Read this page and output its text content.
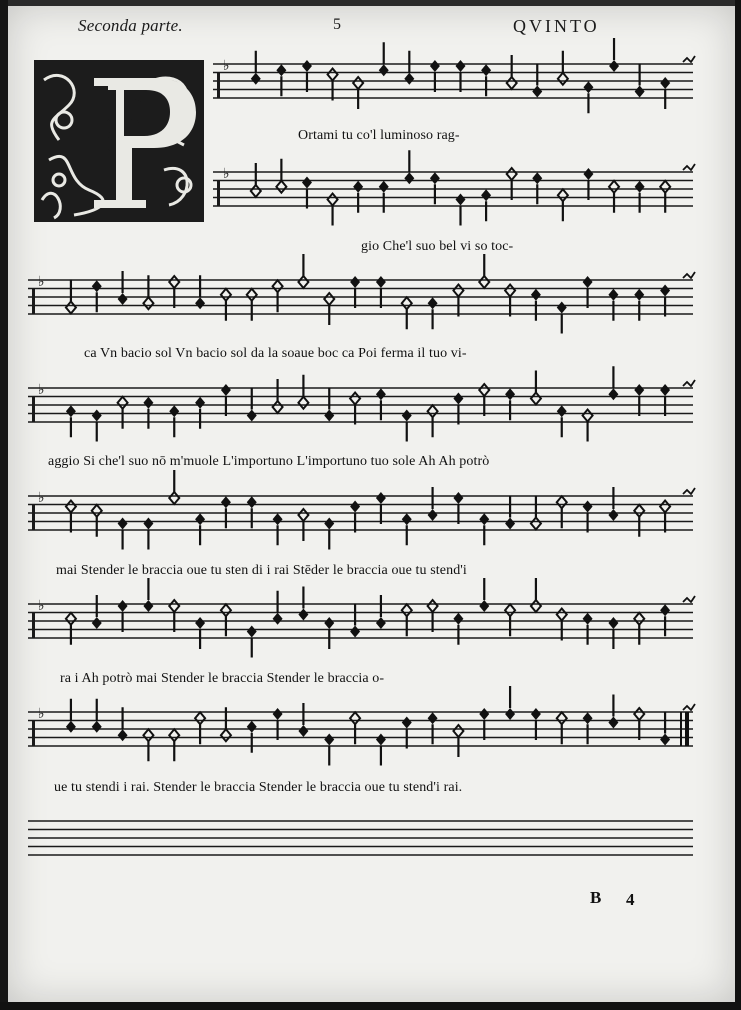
Seconda parte.	5	QVINTO
♭
♭
♭
♭
♭
♭
♭
Ortami tu co'l luminoso rag-
gio Che'l suo bel vi so toc-
ca Vn bacio sol Vn bacio sol da la soaue boc ca Poi ferma il tuo vi-
aggio Si che'l suo nō m'muole L'importuno L'importuno tuo sole Ah Ah potrò
mai Stender le braccia oue tu sten di i rai Stēder le braccia oue tu stend'i
ra i Ah potrò mai Stender le braccia Stender le braccia o-
ue tu stendi i rai. Stender le braccia Stender le braccia oue tu stend'i rai.
B 4
